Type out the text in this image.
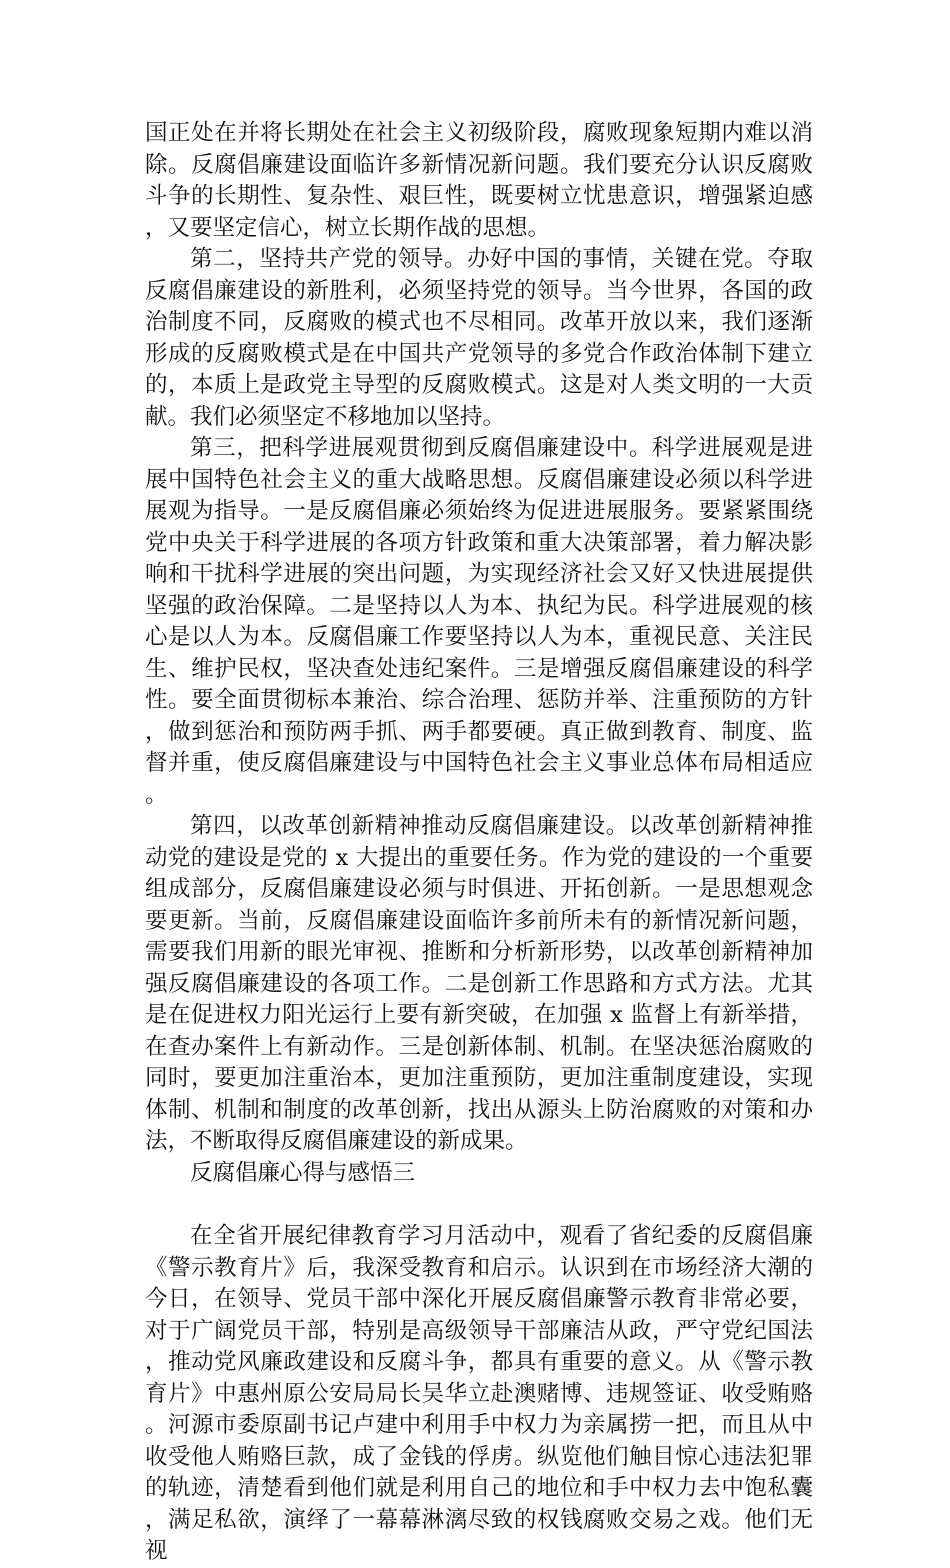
国正处在并将长期处在社会主义初级阶段，腐败现象短期内难以消除。反腐倡廉建设面临许多新情况新问题。我们要充分认识反腐败斗争的长期性、复杂性、艰巨性，既要树立忧患意识，增强紧迫感，又要坚定信心，树立长期作战的思想。

第二，坚持共产党的领导。办好中国的事情，关键在党。夺取反腐倡廉建设的新胜利，必须坚持党的领导。当今世界，各国的政治制度不同，反腐败的模式也不尽相同。改革开放以来，我们逐渐形成的反腐败模式是在中国共产党领导的多党合作政治体制下建立的，本质上是政党主导型的反腐败模式。这是对人类文明的一大贡献。我们必须坚定不移地加以坚持。

第三，把科学进展观贯彻到反腐倡廉建设中。科学进展观是进展中国特色社会主义的重大战略思想。反腐倡廉建设必须以科学进展观为指导。一是反腐倡廉必须始终为促进进展服务。要紧紧围绕党中央关于科学进展的各项方针政策和重大决策部署，着力解决影响和干扰科学进展的突出问题，为实现经济社会又好又快进展提供坚强的政治保障。二是坚持以人为本、执纪为民。科学进展观的核心是以人为本。反腐倡廉工作要坚持以人为本，重视民意、关注民生、维护民权，坚决查处违纪案件。三是增强反腐倡廉建设的科学性。要全面贯彻标本兼治、综合治理、惩防并举、注重预防的方针，做到惩治和预防两手抓、两手都要硬。真正做到教育、制度、监督并重，使反腐倡廉建设与中国特色社会主义事业总体布局相适应。

第四，以改革创新精神推动反腐倡廉建设。以改革创新精神推动党的建设是党的 x 大提出的重要任务。作为党的建设的一个重要组成部分，反腐倡廉建设必须与时俱进、开拓创新。一是思想观念要更新。当前，反腐倡廉建设面临许多前所未有的新情况新问题，需要我们用新的眼光审视、推断和分析新形势，以改革创新精神加强反腐倡廉建设的各项工作。二是创新工作思路和方式方法。尤其是在促进权力阳光运行上要有新突破，在加强 x 监督上有新举措，在查办案件上有新动作。三是创新体制、机制。在坚决惩治腐败的同时，要更加注重治本，更加注重预防，更加注重制度建设，实现体制、机制和制度的改革创新，找出从源头上防治腐败的对策和办法，不断取得反腐倡廉建设的新成果。

反腐倡廉心得与感悟三

在全省开展纪律教育学习月活动中，观看了省纪委的反腐倡廉《警示教育片》后，我深受教育和启示。认识到在市场经济大潮的今日，在领导、党员干部中深化开展反腐倡廉警示教育非常必要，对于广阔党员干部，特别是高级领导干部廉洁从政，严守党纪国法，推动党风廉政建设和反腐斗争，都具有重要的意义。从《警示教育片》中惠州原公安局局长吴华立赴澳赌博、违规签证、收受贿赂。河源市委原副书记卢建中利用手中权力为亲属捞一把，而且从中收受他人贿赂巨款，成了金钱的俘虏。纵览他们触目惊心违法犯罪的轨迹，清楚看到他们就是利用自己的地位和手中权力去中饱私囊，满足私欲，演绎了一幕幕淋漓尽致的权钱腐败交易之戏。他们无视
